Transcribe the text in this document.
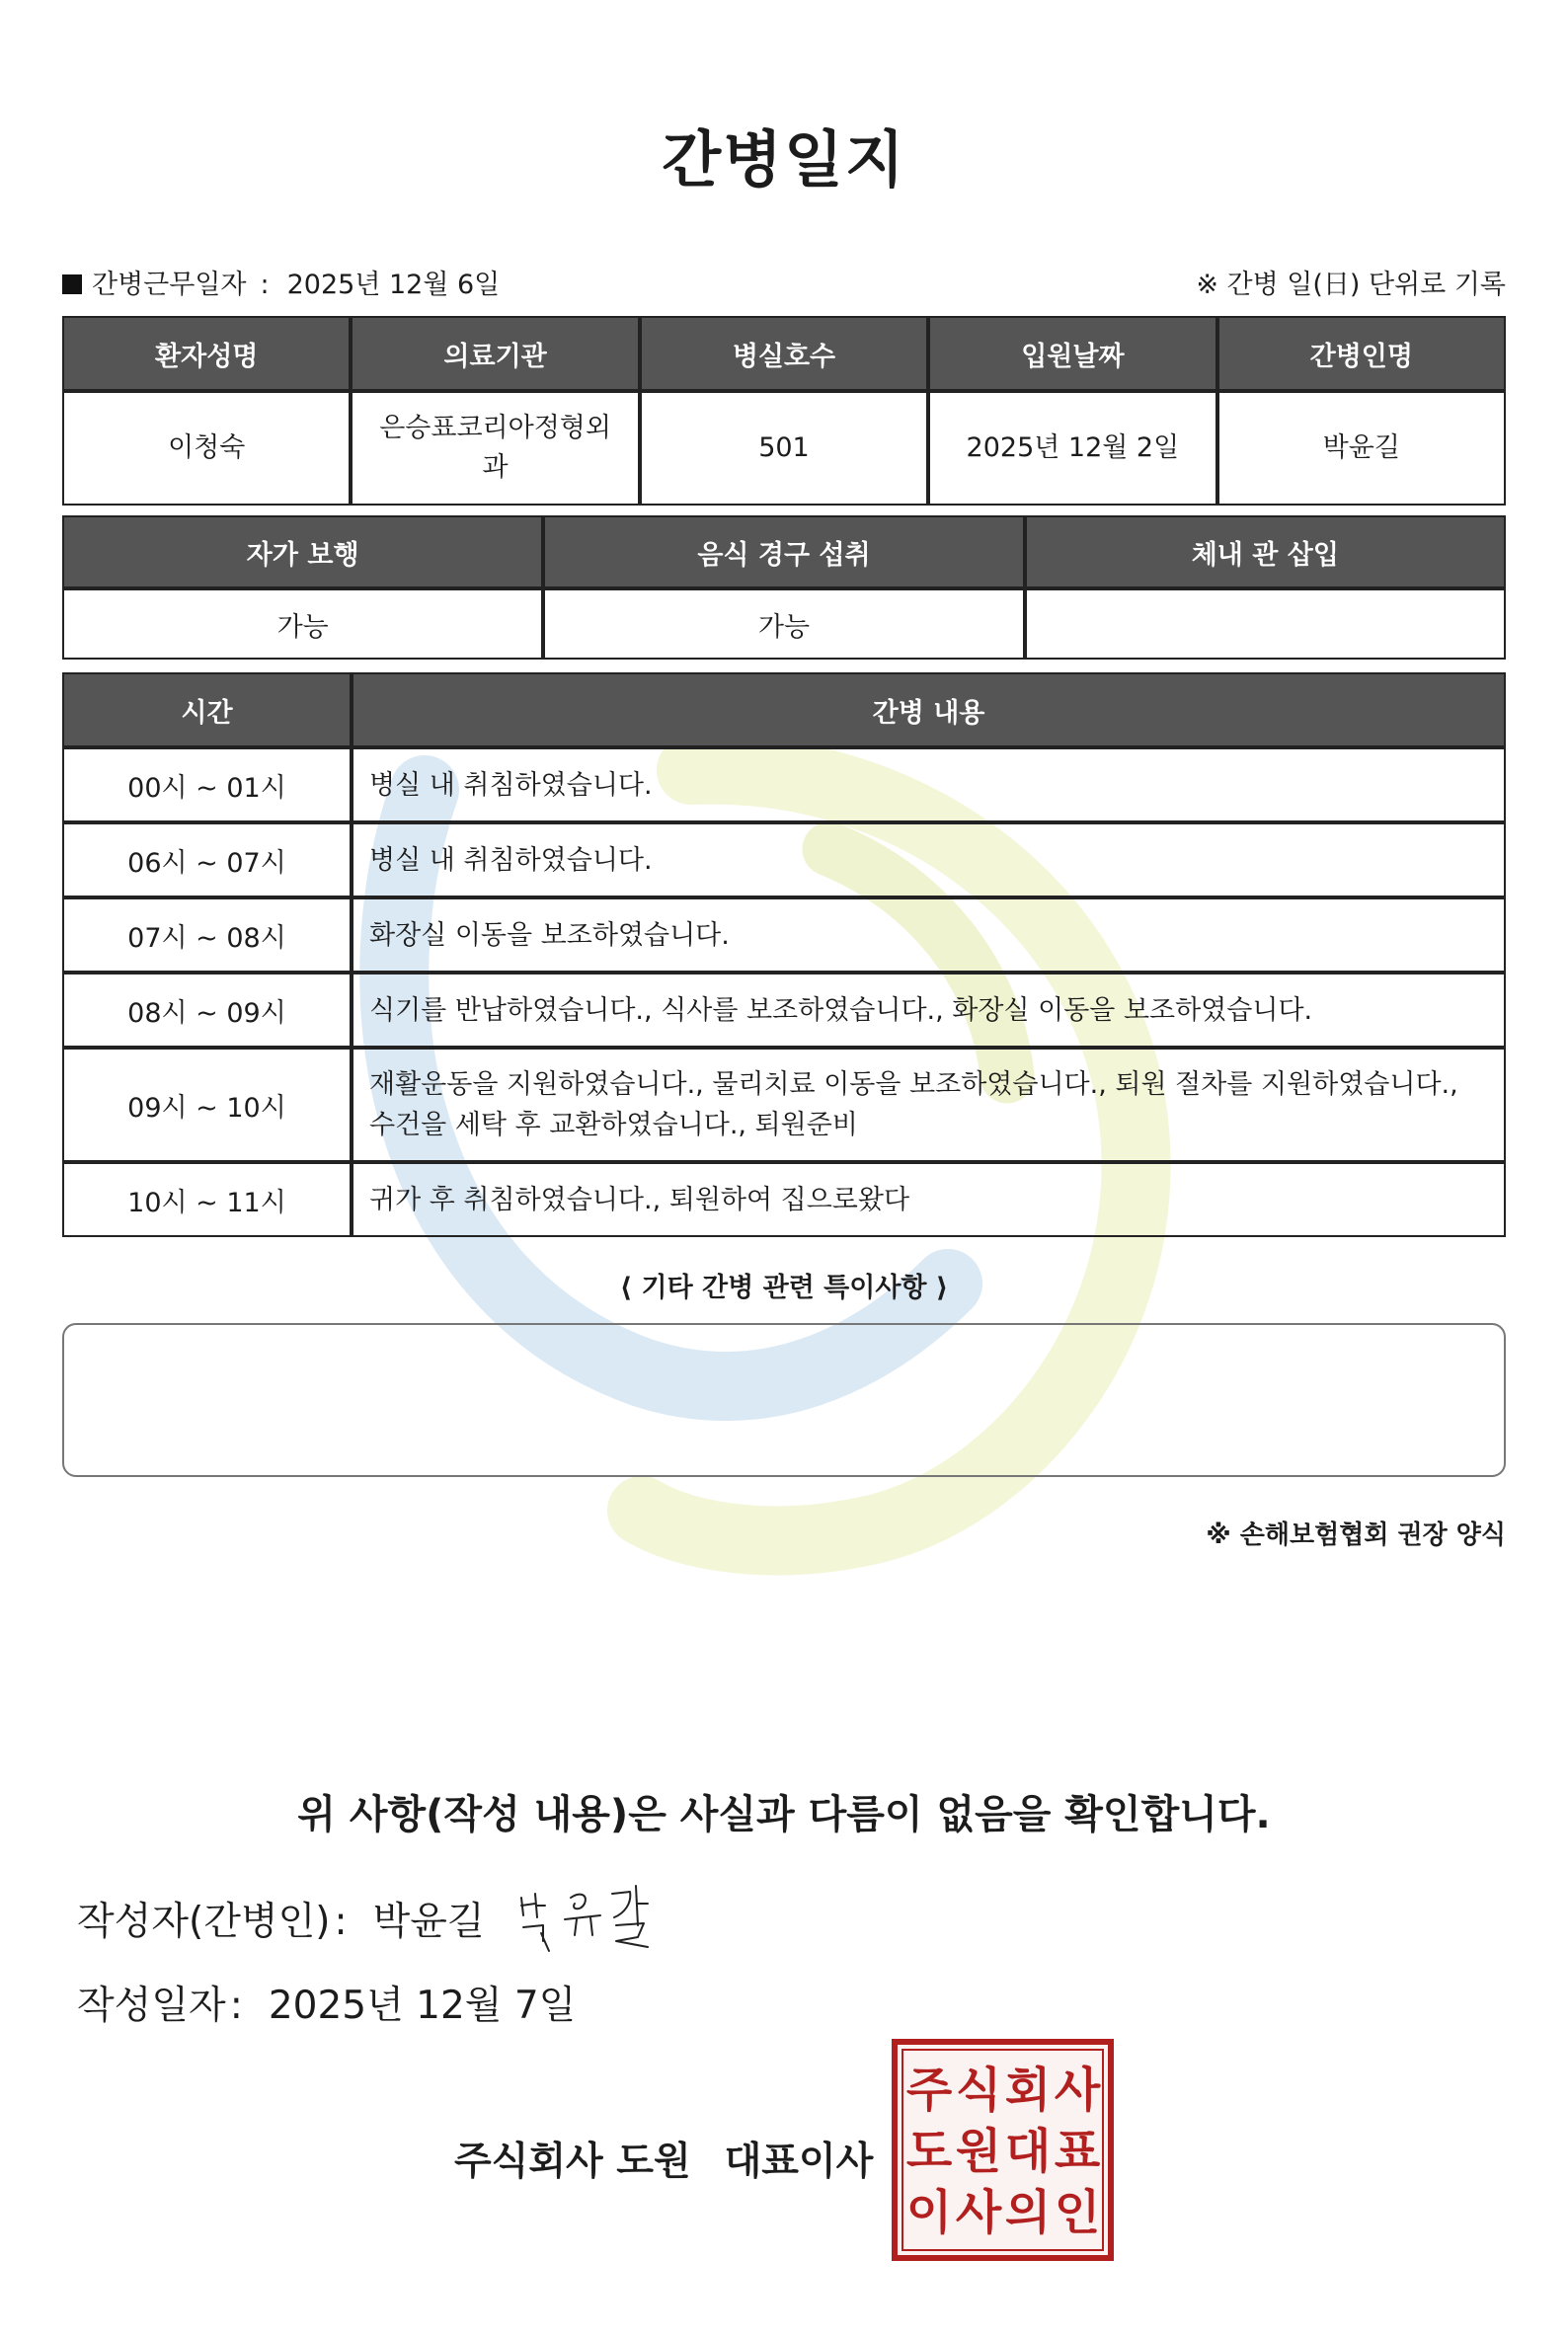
간병일지
간병근무일자 : 2025년 12월 6일	※ 간병 일(日) 단위로 기록
환자성명	의료기관	병실호수	입원날짜	간병인명
이청숙	은승표코리아정형외과	501	2025년 12월 2일	박윤길
자가 보행	음식 경구 섭취	체내 관 삽입
가능	가능	
시간	간병 내용
00시 ~ 01시	병실 내 취침하였습니다.
06시 ~ 07시	병실 내 취침하였습니다.
07시 ~ 08시	화장실 이동을 보조하였습니다.
08시 ~ 09시	식기를 반납하였습니다., 식사를 보조하였습니다., 화장실 이동을 보조하였습니다.
09시 ~ 10시	재활운동을 지원하였습니다., 물리치료 이동을 보조하였습니다., 퇴원 절차를 지원하였습니다., 수건을 세탁 후 교환하였습니다., 퇴원준비
10시 ~ 11시	귀가 후 취침하였습니다., 퇴원하여 집으로왔다
⟨ 기타 간병 관련 특이사항 ⟩
※ 손해보험협회 권장 양식
위 사항(작성 내용)은 사실과 다름이 없음을 확인합니다.
작성자(간병인) : 박윤길
작성일자 : 2025년 12월 7일
주식회사 도원 대표이사
주 식 회 사
도 원 대 표
이 사 의 인
